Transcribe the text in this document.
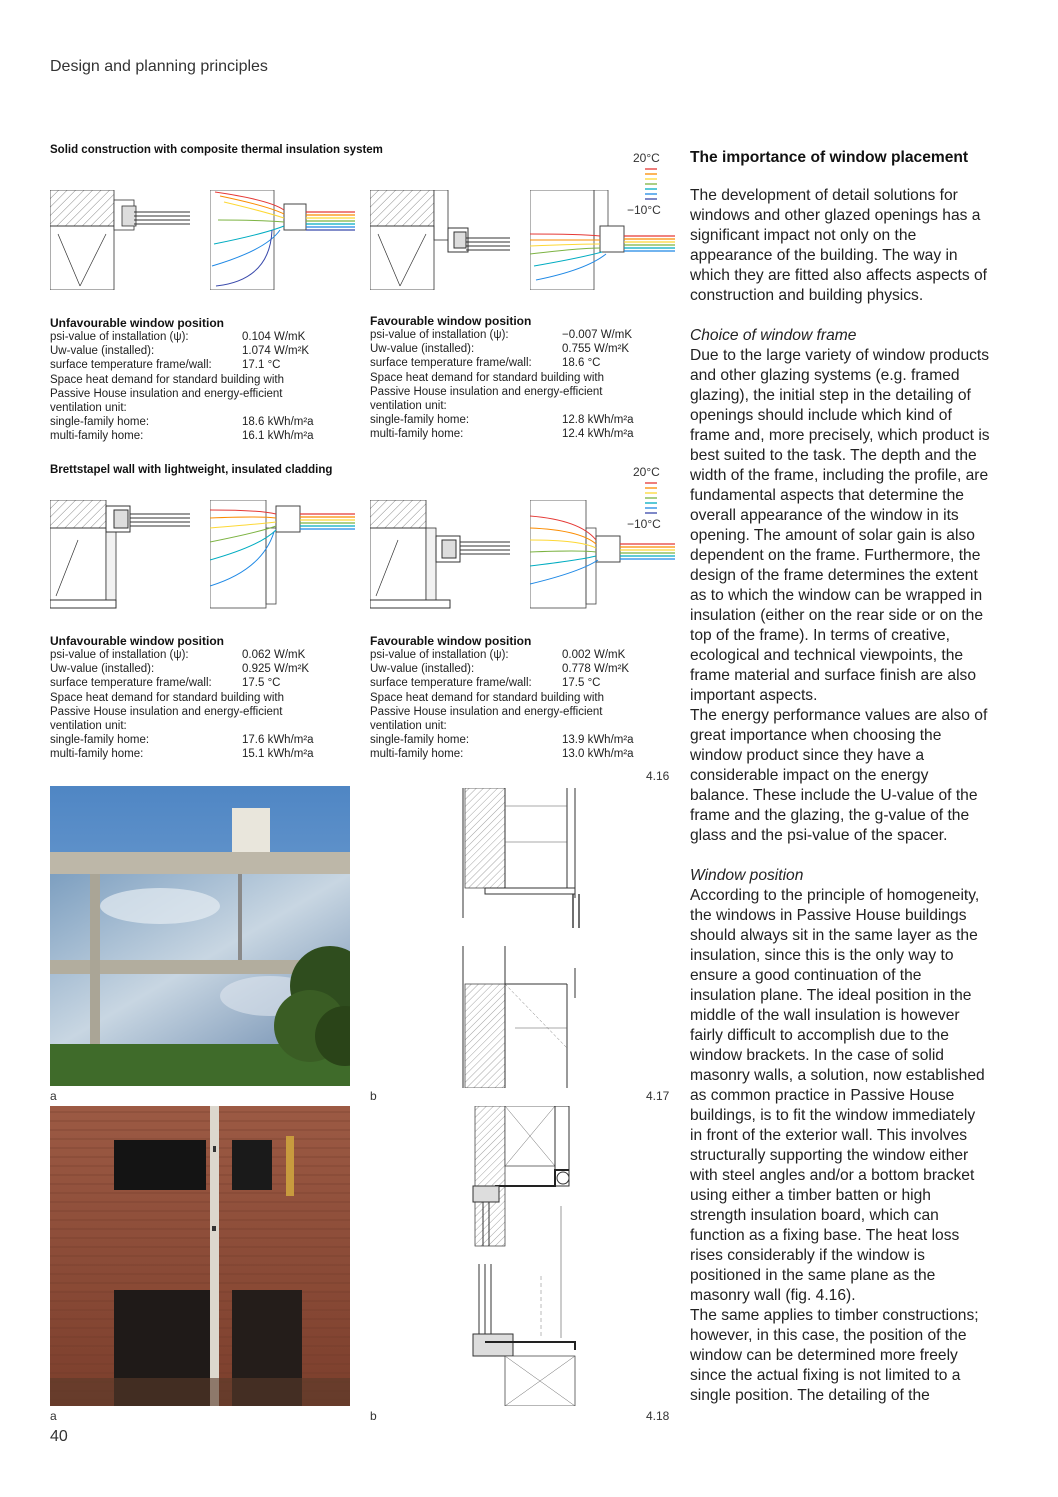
Design and planning principles
Solid construction with composite thermal insulation system
20°C
−10°C
Unfavourable window position
psi-value of installation (ψ):	0.104 W/mK
Uw-value (installed):	1.074 W/m²K
surface temperature frame/wall:	17.1 °C
Space heat demand for standard building with
Passive House insulation and energy-efficient
ventilation unit:
single-family home:	18.6 kWh/m²a
multi-family home:	16.1 kWh/m²a
Favourable window position
psi-value of installation (ψ):	−0.007 W/mK
Uw-value (installed):	0.755 W/m²K
surface temperature frame/wall:	18.6 °C
Space heat demand for standard building with
Passive House insulation and energy-efficient
ventilation unit:
single-family home:	12.8 kWh/m²a
multi-family home:	12.4 kWh/m²a
Brettstapel wall with lightweight, insulated cladding	20°C
−10°C
Unfavourable window position
psi-value of installation (ψ):	0.062 W/mK
Uw-value (installed):	0.925 W/m²K
surface temperature frame/wall:	17.5 °C
Space heat demand for standard building with
Passive House insulation and energy-efficient
ventilation unit:
single-family home:	17.6 kWh/m²a
multi-family home:	15.1 kWh/m²a
Favourable window position
psi-value of installation (ψ):	0.002 W/mK
Uw-value (installed):	0.778 W/m²K
surface temperature frame/wall:	17.5 °C
Space heat demand for standard building with
Passive House insulation and energy-efficient
ventilation unit:
single-family home:	13.9 kWh/m²a
multi-family home:	13.0 kWh/m²a
4.16
a	b	4.17
a	b	4.18
The importance of window placement

The development of detail solutions for windows and other glazed openings has a significant impact not only on the appearance of the building. The way in which they are fitted also affects aspects of construction and building physics.

Choice of window frame

Due to the large variety of window products and other glazing systems (e.g. framed glazing), the initial step in the detailing of openings should include which kind of frame and, more precisely, which product is best suited to the task. The depth and the width of the frame, including the profile, are fundamental aspects that determine the overall appearance of the window in its opening. The amount of solar gain is also dependent on the frame. Furthermore, the design of the frame determines the extent as to which the window can be wrapped in insulation (either on the rear side or on the top of the frame). In terms of creative, ecological and technical viewpoints, the frame material and surface finish are also important aspects.

The energy performance values are also of great importance when choosing the window product since they have a considerable impact on the energy balance. These include the U-value of the frame and the glazing, the g-value of the glass and the psi-value of the spacer.

Window position

According to the principle of homogeneity, the windows in Passive House buildings should always sit in the same layer as the insulation, since this is the only way to ensure a good continuation of the insulation plane. The ideal position in the middle of the wall insulation is however fairly difficult to accomplish due to the window brackets. In the case of solid masonry walls, a solution, now established as common practice in Passive House buildings, is to fit the window immediately in front of the exterior wall. This involves structurally supporting the window either with steel angles and/or a bottom bracket using either a timber batten or high strength insulation board, which can function as a fixing base. The heat loss rises considerably if the window is positioned in the same plane as the masonry wall (fig. 4.16).

The same applies to timber constructions; however, in this case, the position of the window can be determined more freely since the actual fixing is not limited to a single position. The detailing of the

40
